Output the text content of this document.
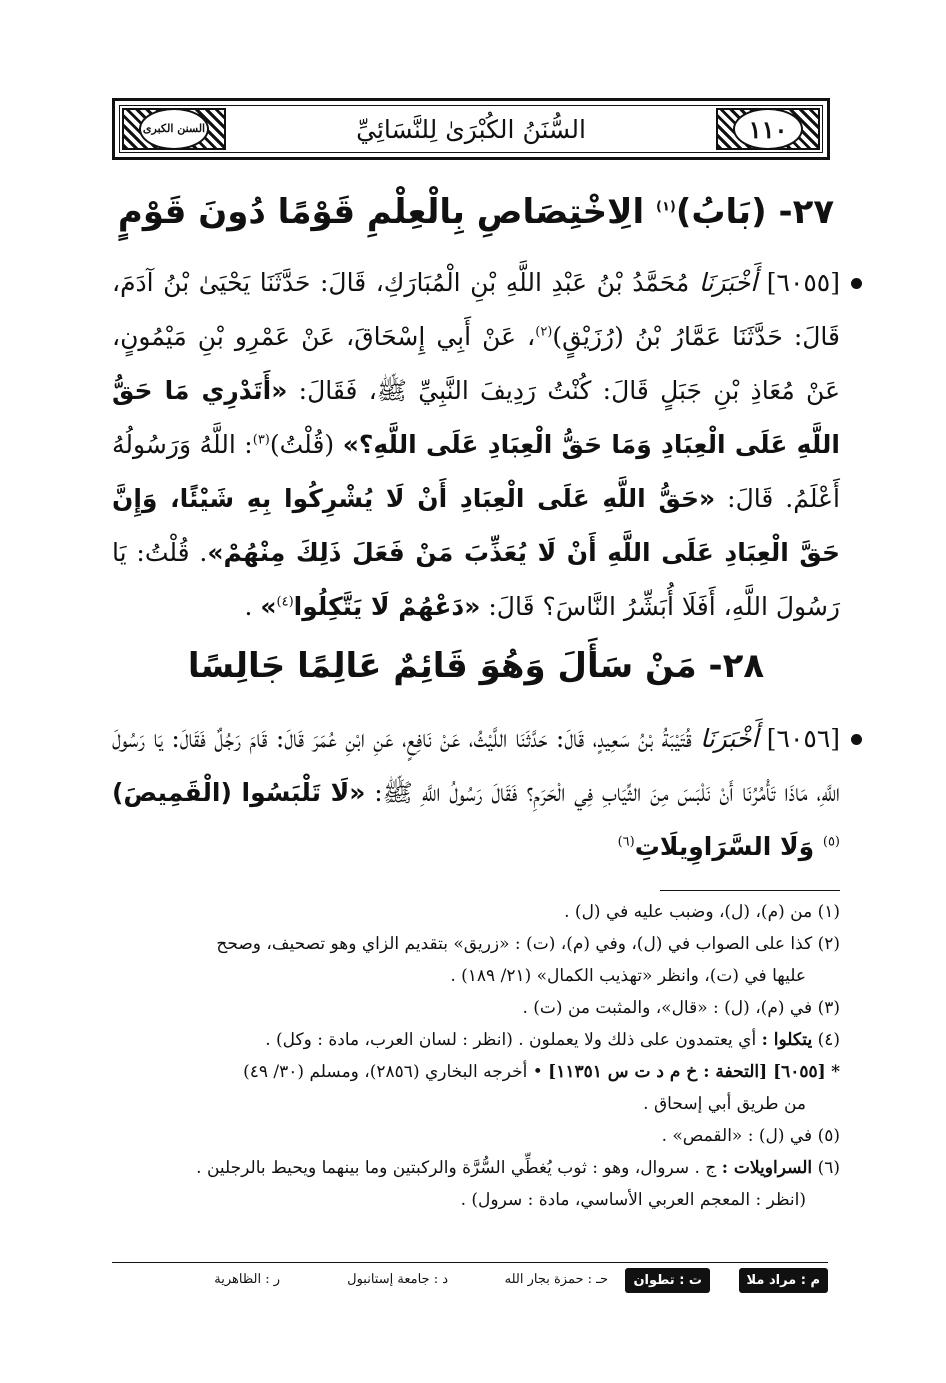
١١٠
السُّنَنُ الكُبْرَىٰ لِلنَّسَائِيِّ
السنن الكبرى
٢٧- (بَابُ)$^{(١)}$ الِاخْتِصَاصِ بِالْعِلْمِ قَوْمًا دُونَ قَوْمٍ

[٦٠٥٥] أَخْبَرَنَا مُحَمَّدُ بْنُ عَبْدِ اللَّهِ بْنِ الْمُبَارَكِ، قَالَ: حَدَّثَنَا يَحْيَىٰ بْنُ آدَمَ، قَالَ: حَدَّثَنَا عَمَّارُ بْنُ (رُزَيْقٍ)$^{(٢)}$، عَنْ أَبِي إِسْحَاقَ، عَنْ عَمْرِو بْنِ مَيْمُونٍ، عَنْ مُعَاذِ بْنِ جَبَلٍ قَالَ: كُنْتُ رَدِيفَ النَّبِيِّ ﷺ، فَقَالَ: «أَتَدْرِي مَا حَقُّ اللَّهِ عَلَى الْعِبَادِ وَمَا حَقُّ الْعِبَادِ عَلَى اللَّهِ؟» (قُلْتُ)$^{(٣)}$: اللَّهُ وَرَسُولُهُ أَعْلَمُ. قَالَ: «حَقُّ اللَّهِ عَلَى الْعِبَادِ أَنْ لَا يُشْرِكُوا بِهِ شَيْئًا، وَإِنَّ حَقَّ الْعِبَادِ عَلَى اللَّهِ أَنْ لَا يُعَذِّبَ مَنْ فَعَلَ ذَلِكَ مِنْهُمْ». قُلْتُ: يَا رَسُولَ اللَّهِ، أَفَلَا أُبَشِّرُ النَّاسَ؟ قَالَ: «دَعْهُمْ لَا يَتَّكِلُوا$^{(٤)}$» .

٢٨- مَنْ سَأَلَ وَهُوَ قَائِمٌ عَالِمًا جَالِسًا

[٦٠٥٦] أَخْبَرَنَا قُتَيْبَةُ بْنُ سَعِيدٍ، قَالَ: حَدَّثَنَا اللَّيْثُ، عَنْ نَافِعٍ، عَنِ ابْنِ عُمَرَ قَالَ: قَامَ رَجُلٌ فَقَالَ: يَا رَسُولَ اللَّهِ، مَاذَا تَأْمُرُنَا أَنْ نَلْبَسَ مِنَ الثِّيَابِ فِي الْحَرَمِ؟ فَقَالَ رَسُولُ اللَّهِ ﷺ: «لَا تَلْبَسُوا (الْقَمِيصَ)$^{(٥)}$ وَلَا السَّرَاوِيلَاتِ$^{(٦)}$

(١) من (م)، (ل)، وضبب عليه في (ل) .

(٢) كذا على الصواب في (ل)، وفي (م)، (ت) : «زريق» بتقديم الزاي وهو تصحيف، وصحح
عليها في (ت)، وانظر «تهذيب الكمال» (٢١/ ١٨٩) .

(٣) في (م)، (ل) : «قال»، والمثبت من (ت) .

(٤) يتكلوا : أي يعتمدون على ذلك ولا يعملون . (انظر : لسان العرب، مادة : وكل) .

* [٦٠٥٥] [التحفة : خ م د ت س ١١٣٥١] • أخرجه البخاري (٢٨٥٦)، ومسلم (٣٠/ ٤٩)
من طريق أبي إسحاق .

(٥) في (ل) : «القمص» .

(٦) السراويلات : ج . سروال، وهو : ثوب يُغطِّي السُّرَّة والركبتين وما بينهما ويحيط بالرجلين .
(انظر : المعجم العربي الأساسي، مادة : سرول) .

م : مراد ملا
ت : تطوان
حـ : حمزة بجار الله
د : جامعة إستانبول
ر : الظاهرية
